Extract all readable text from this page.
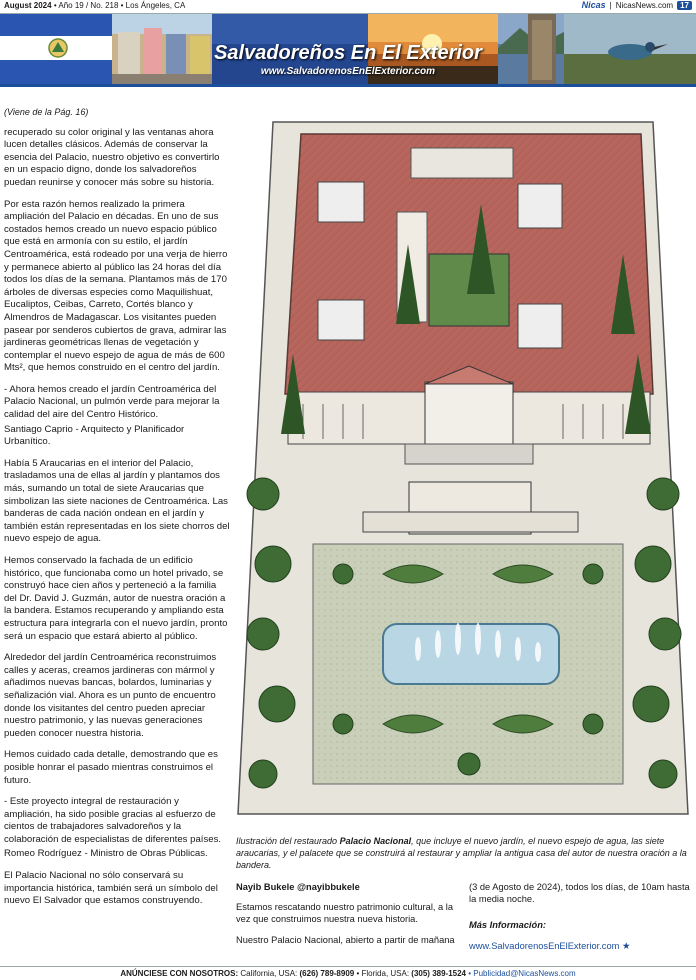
August 2024 • Año 19 / No. 218 • Los Ángeles, CA	Nicas | NicasNews.com 17
Salvadoreños En El Exterior
www.SalvadorenosEnElExterior.com

(Viene de la Pág. 16)

recuperado su color original y las ventanas ahora lucen detalles clásicos. Además de conservar la esencia del Palacio, nuestro objetivo es convertirlo en un espacio digno, donde los salvadoreños puedan reunirse y conocer más sobre su historia.

Por esta razón hemos realizado la primera ampliación del Palacio en décadas. En uno de sus costados hemos creado un nuevo espacio público que está en armonía con su estilo, el jardín Centroamérica, está rodeado por una verja de hierro y permanece abierto al público las 24 horas del día todos los días de la semana. Plantamos más de 170 árboles de diversas especies como Maquilishuat, Eucaliptos, Ceibas, Carreto, Cortés blanco y Almendros de Madagascar. Los visitantes pueden pasear por senderos cubiertos de grava, admirar las jardineras geométricas llenas de vegetación y contemplar el nuevo espejo de agua de más de 600 Mts², que hemos construido en el centro del jardín.

- Ahora hemos creado el jardín Centroamérica del Palacio Nacional, un pulmón verde para mejorar la calidad del aire del Centro Histórico.

Santiago Caprio - Arquitecto y Planificador Urbanítico.

Había 5 Araucarias en el interior del Palacio, trasladamos una de ellas al jardín y plantamos dos más, sumando un total de siete Araucarias que simbolizan las siete naciones de Centroamérica. Las banderas de cada nación ondean en el jardín y también están representadas en los siete chorros del nuevo espejo de agua.

Hemos conservado la fachada de un edificio histórico, que funcionaba como un hotel privado, se construyó hace cien años y perteneció a la familia del Dr. David J. Guzmán, autor de nuestra oración a la bandera. Estamos recuperando y ampliando esta estructura para integrarla con el nuevo jardín, pronto será un espacio que estará abierto al público.

Alrededor del jardín Centroamérica reconstruimos calles y aceras, creamos jardineras con mármol y añadimos nuevas bancas, bolardos, luminarias y señalización vial. Ahora es un punto de encuentro donde los visitantes del centro pueden apreciar nuestro patrimonio, y las nuevas generaciones pueden conocer nuestra historia.

Hemos cuidado cada detalle, demostrando que es posible honrar el pasado mientras construimos el futuro.

- Este proyecto integral de restauración y ampliación, ha sido posible gracias al esfuerzo de cientos de trabajadores salvadoreños y la colaboración de especialistas de diferentes países.

Romeo Rodríguez - Ministro de Obras Públicas.

El Palacio Nacional no sólo conservará su importancia histórica, también será un símbolo del nuevo El Salvador que estamos construyendo.

Ilustración del restaurado Palacio Nacional, que incluye el nuevo jardín, el nuevo espejo de agua, las siete araucarias, y el palacete que se construirá al restaurar y ampliar la antigua casa del autor de nuestra oración a la bandera.

Nayib Bukele @nayibbukele

Estamos rescatando nuestro patrimonio cultural, a la vez que construimos nuestra nueva historia.

Nuestro Palacio Nacional, abierto a partir de mañana

(3 de Agosto de 2024), todos los días, de 10am hasta la media noche.

Más Información:

www.SalvadorenosEnElExterior.com ★

ANÚNCIESE CON NOSOTROS: California, USA: (626) 789-8909 • Florida, USA: (305) 389-1524 • Publicidad@NicasNews.com
